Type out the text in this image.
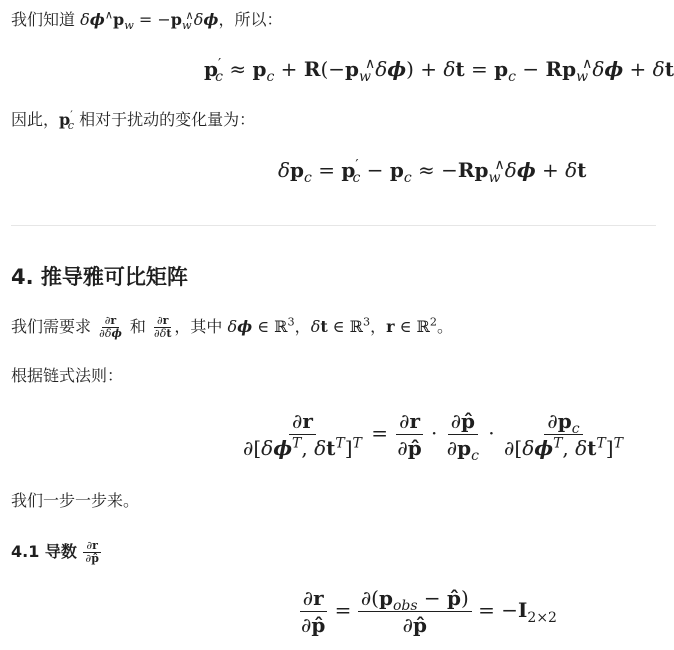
我们知道 $\delta\phi^\wedge p_w = -p_w^\wedge\delta\phi$，所以：
$p'_c \approx p_c + R(-p_w^\wedge\delta\phi) + \delta t = p_c - Rp_w^\wedge\delta\phi + \delta t$
因此，$p'_c$ 相对于扰动的变化量为：
$\delta p_c = p'_c - p_c \approx -Rp_w^\wedge\delta\phi + \delta t$
4. 推导雅可比矩阵
我们需要求 $\frac{\partial r}{\partial\delta\phi}$ 和 $\frac{\partial r}{\partial\delta t}$ ，其中 δϕ ∈ ℝ$^3$，δt ∈ ℝ$^3$，r ∈ ℝ$^2$。
根据链式法则：
$\frac{\partial r}{\partial[\delta\phi^T, \delta t^T]^T} = \frac{\partial r}{\partial p̂} \cdot \frac{\partial p̂}{\partial p_c} \cdot \frac{\partial p_c}{\partial[\delta\phi^T, \delta t^T]^T}$
我们一步一步来。
4.1 导数 $\frac{\partial r}{\partial p̂}$
$\frac{\partial r}{\partial p̂} = \frac{\partial(p_{obs} - p̂)}{\partial p̂} = -I_{2\times 2}$
